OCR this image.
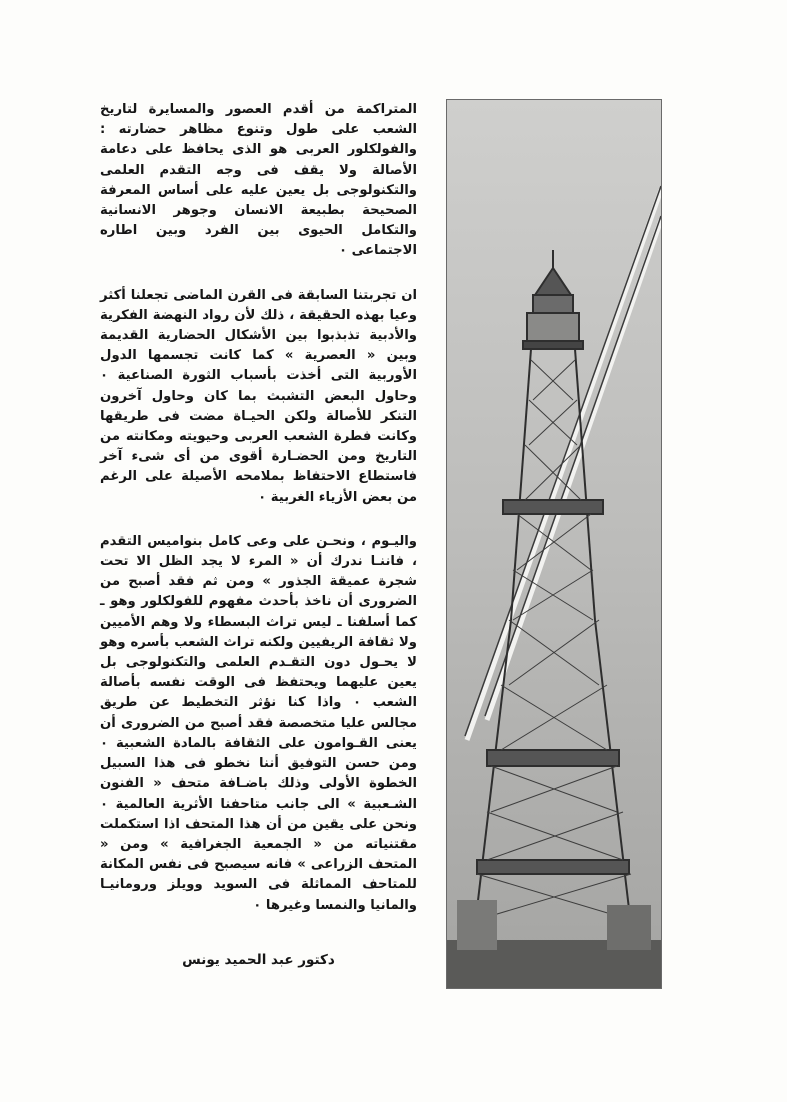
المتراكمة من أقدم العصور والمسايرة لتاريخ الشعب على طول وتنوع مظاهر حضارته : والفولكلور العربى هو الذى يحافظ على دعامة الأصالة ولا يقف فى وجه التقدم العلمى والتكنولوجى بل يعين عليه على أساس المعرفة الصحيحة بطبيعة الانسان وجوهر الانسانية والتكامل الحيوى بين الفرد وبين اطاره الاجتماعى ٠

ان تجربتنا السابقة فى القرن الماضى تجعلنا أكثر وعيا بهذه الحقيقة ، ذلك لأن رواد النهضة الفكرية والأدبية تذبذبوا بين الأشكال الحضارية القديمة وبين « العصرية » كما كانت تجسمها الدول الأوربية التى أخذت بأسباب الثورة الصناعية ٠ وحاول البعض التشبث بما كان وحاول آخرون التنكر للأصالة ولكن الحيـاة مضت فى طريقها وكانت فطرة الشعب العربى وحيويته ومكانته من التاريخ ومن الحضـارة أقوى من أى شىء آخر فاستطاع الاحتفاظ بملامحه الأصيلة على الرغم من بعض الأزياء الغربية ٠

واليـوم ، ونحـن على وعى كامل بنواميس التقدم ، فاننـا ندرك أن « المرء لا يجد الظل الا تحت شجرة عميقة الجذور » ومن ثم فقد أصبح من الضرورى أن ناخذ بأحدث مفهوم للفولكلور وهو ـ كما أسلفنا ـ ليس تراث البسطاء ولا وهم الأميين ولا ثقافة الريفيين ولكنه تراث الشعب بأسره وهو لا يحـول دون التقـدم العلمى والتكنولوجى بل يعين عليهما ويحتفظ فى الوقت نفسه بأصالة الشعب ٠ واذا كنا نؤثر التخطيط عن طريق مجالس عليا متخصصة فقد أصبح من الضرورى أن يعنى القـوامون على الثقافة بالمادة الشعبية ٠ ومن حسن التوفيق أننا نخطو فى هذا السبيل الخطوة الأولى وذلك باضـافة متحف « الفنون الشـعبية » الى جانب متاحفنا الأثرية العالمية ٠ ونحن على يقين من أن هذا المتحف اذا استكملت مقتنياته من « الجمعية الجغرافية » ومن « المتحف الزراعى » فانه سيصبح فى نفس المكانة للمتاحف المماثلة فى السويد وويلز ورومانيـا والمانيا والنمسا وغيرها ٠

دكتور عبد الحميد يونس
